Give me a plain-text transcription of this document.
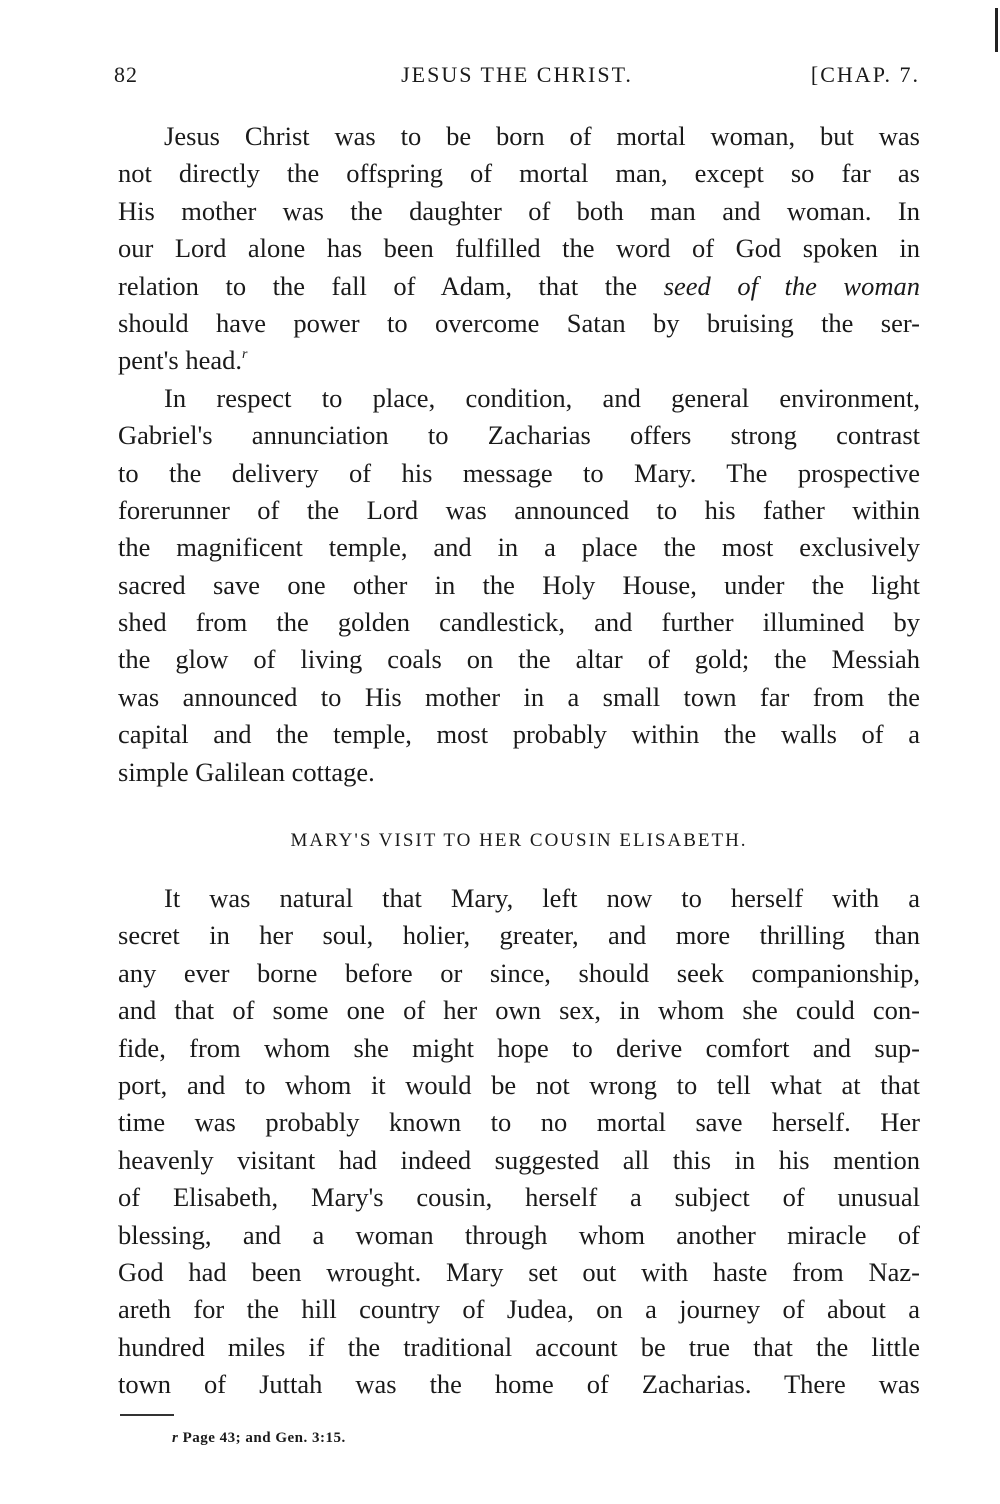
82	JESUS THE CHRIST.	[CHAP. 7.
Jesus Christ was to be born of mortal woman, but was
not directly the offspring of mortal man, except so far as
His mother was the daughter of both man and woman. In
our Lord alone has been fulfilled the word of God spoken in
relation to the fall of Adam, that the seed of the woman
should have power to overcome Satan by bruising the ser-
pent's head.$^r$
In respect to place, condition, and general environment,
Gabriel's annunciation to Zacharias offers strong contrast
to the delivery of his message to Mary. The prospective
forerunner of the Lord was announced to his father within
the magnificent temple, and in a place the most exclusively
sacred save one other in the Holy House, under the light
shed from the golden candlestick, and further illumined by
the glow of living coals on the altar of gold; the Messiah
was announced to His mother in a small town far from the
capital and the temple, most probably within the walls of a
simple Galilean cottage.
MARY'S VISIT TO HER COUSIN ELISABETH.
It was natural that Mary, left now to herself with a
secret in her soul, holier, greater, and more thrilling than
any ever borne before or since, should seek companionship,
and that of some one of her own sex, in whom she could con-
fide, from whom she might hope to derive comfort and sup-
port, and to whom it would be not wrong to tell what at that
time was probably known to no mortal save herself. Her
heavenly visitant had indeed suggested all this in his mention
of Elisabeth, Mary's cousin, herself a subject of unusual
blessing, and a woman through whom another miracle of
God had been wrought. Mary set out with haste from Naz-
areth for the hill country of Judea, on a journey of about a
hundred miles if the traditional account be true that the little
town of Juttah was the home of Zacharias. There was
r Page 43; and Gen. 3:15.
